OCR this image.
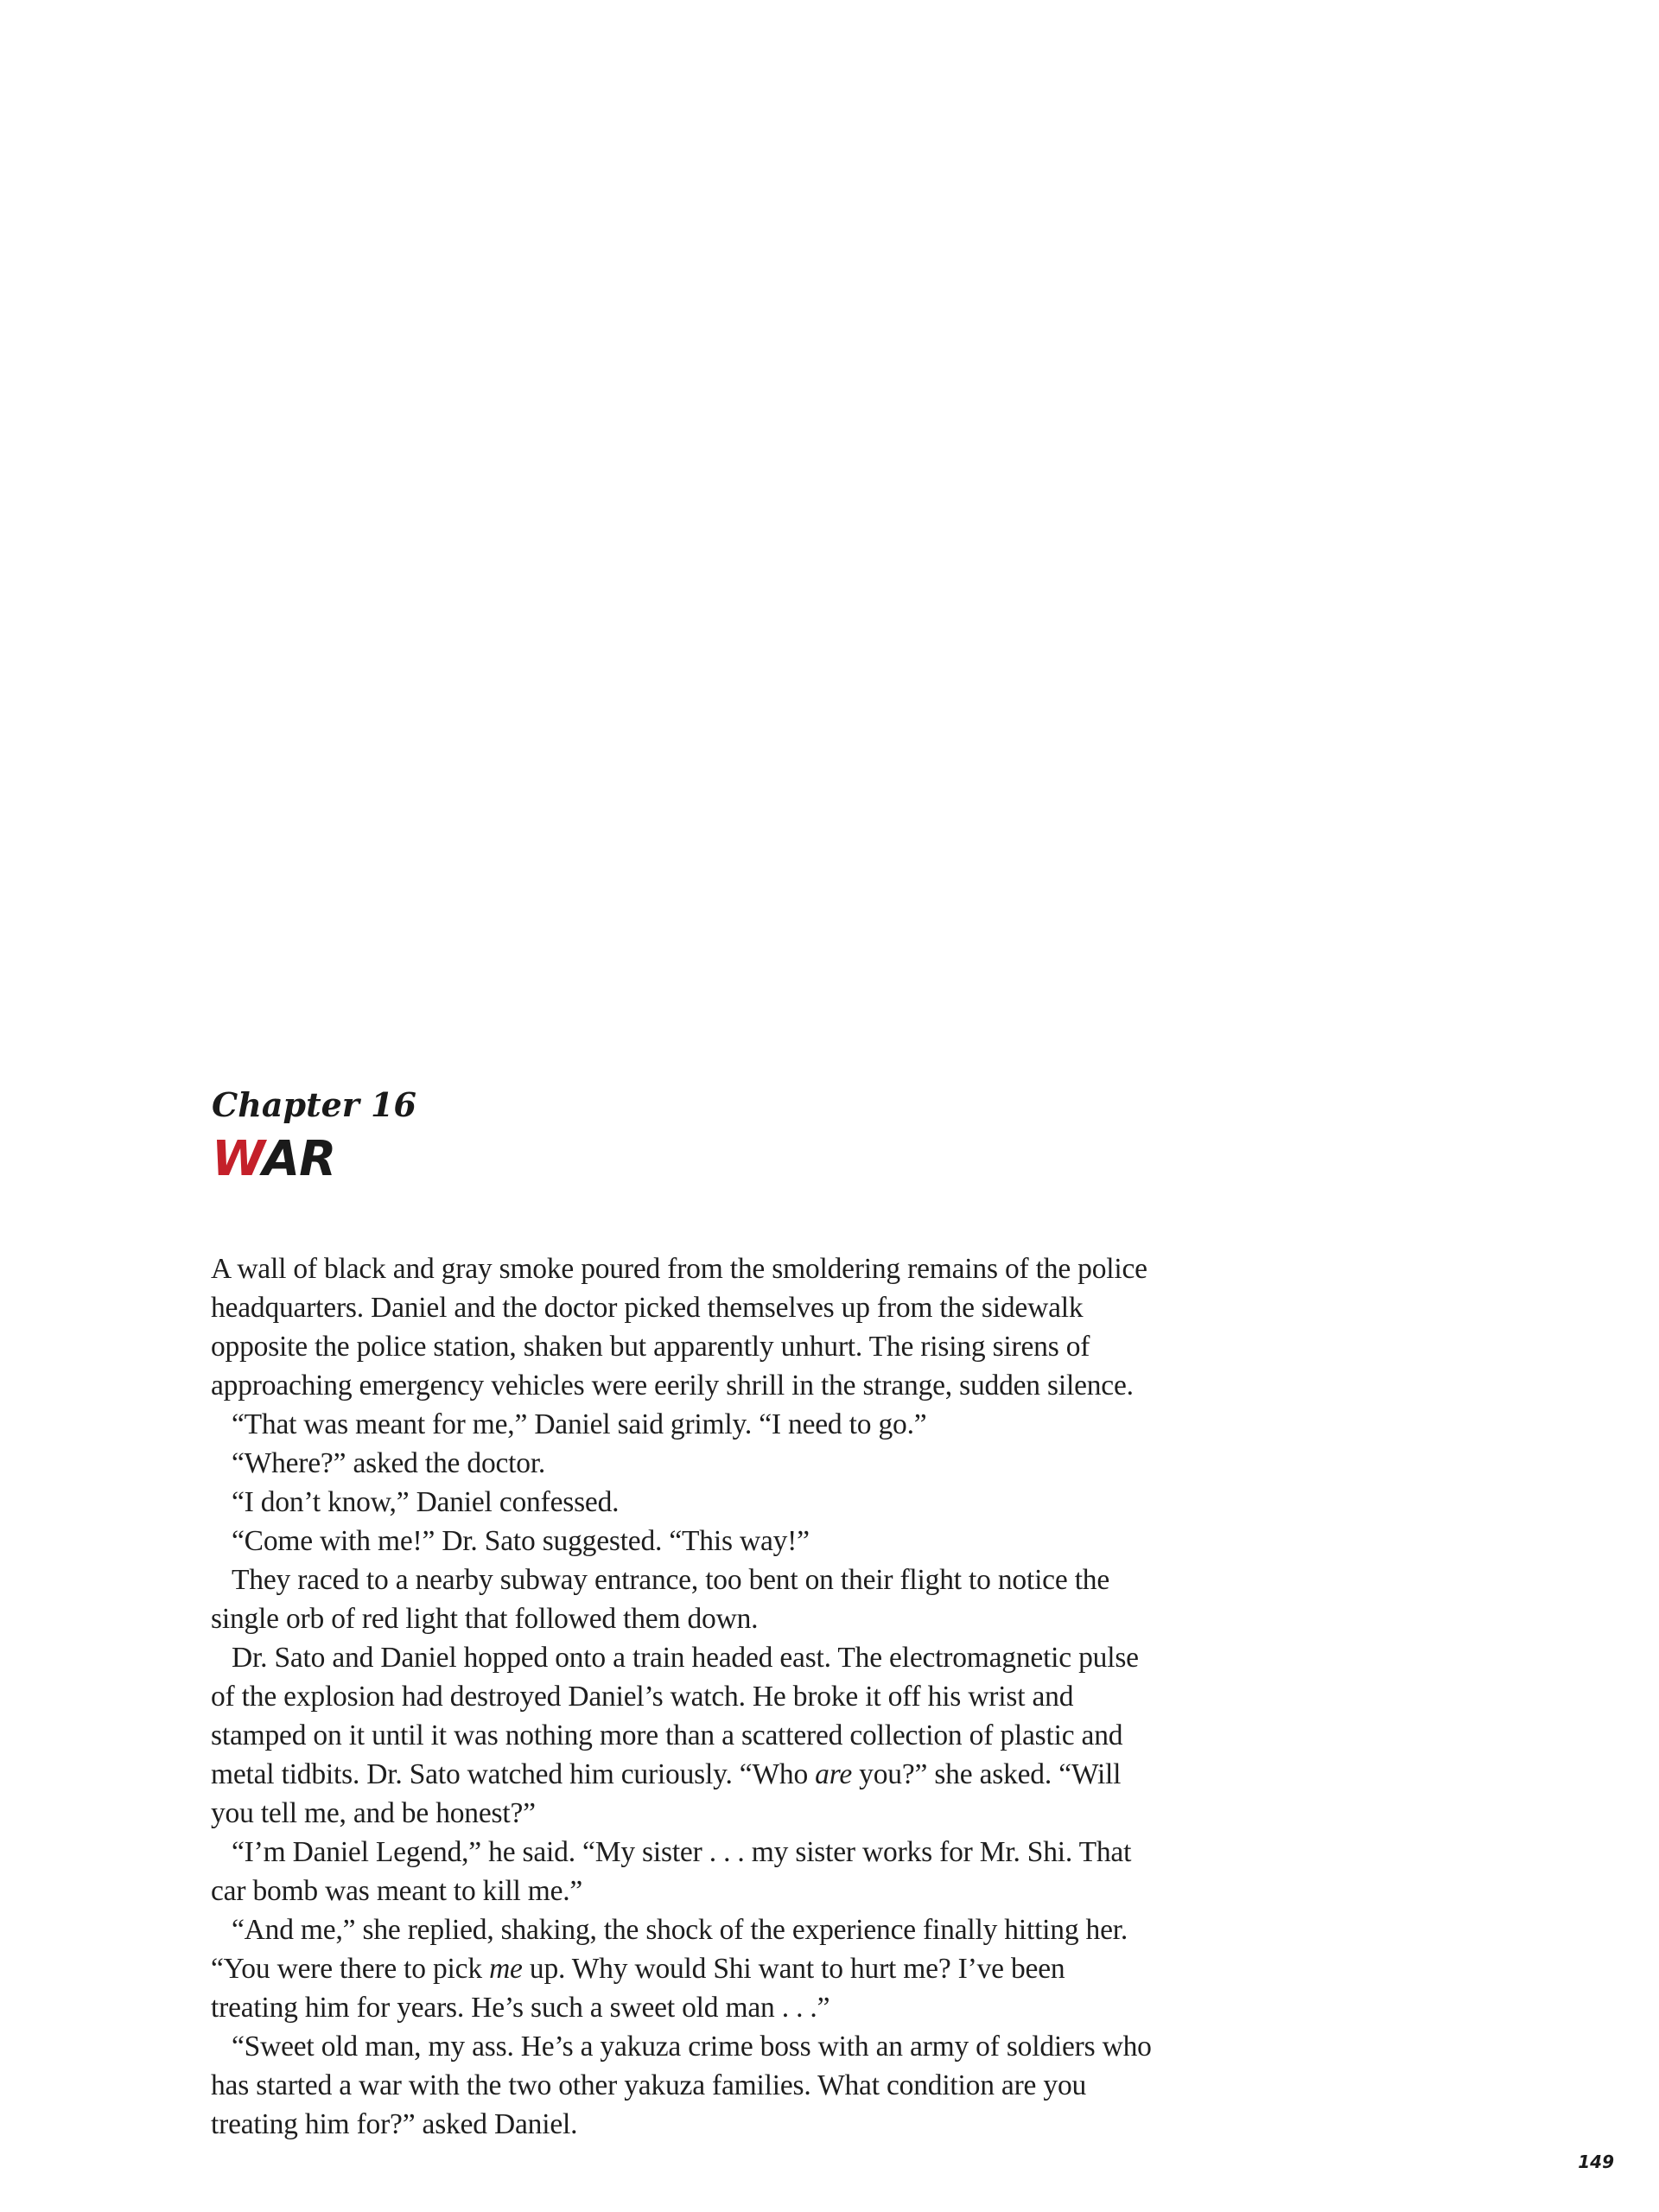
Chapter 16
WAR

A wall of black and gray smoke poured from the smoldering remains of the police headquarters. Daniel and the doctor picked themselves up from the sidewalk opposite the police station, shaken but apparently unhurt. The rising sirens of approaching emergency vehicles were eerily shrill in the strange, sudden silence.

“That was meant for me,” Daniel said grimly. “I need to go.”

“Where?” asked the doctor.

“I don’t know,” Daniel confessed.

“Come with me!” Dr. Sato suggested. “This way!”

They raced to a nearby subway entrance, too bent on their flight to notice the single orb of red light that followed them down.

Dr. Sato and Daniel hopped onto a train headed east. The electromagnetic pulse of the explosion had destroyed Daniel’s watch. He broke it off his wrist and stamped on it until it was nothing more than a scattered collection of plastic and metal tidbits. Dr. Sato watched him curiously. “Who are you?” she asked. “Will you tell me, and be honest?”

“I’m Daniel Legend,” he said. “My sister . . . my sister works for Mr. Shi. That car bomb was meant to kill me.”

“And me,” she replied, shaking, the shock of the experience finally hitting her. “You were there to pick me up. Why would Shi want to hurt me? I’ve been treating him for years. He’s such a sweet old man . . .”

“Sweet old man, my ass. He’s a yakuza crime boss with an army of soldiers who has started a war with the two other yakuza families. What condition are you treating him for?” asked Daniel.

149
